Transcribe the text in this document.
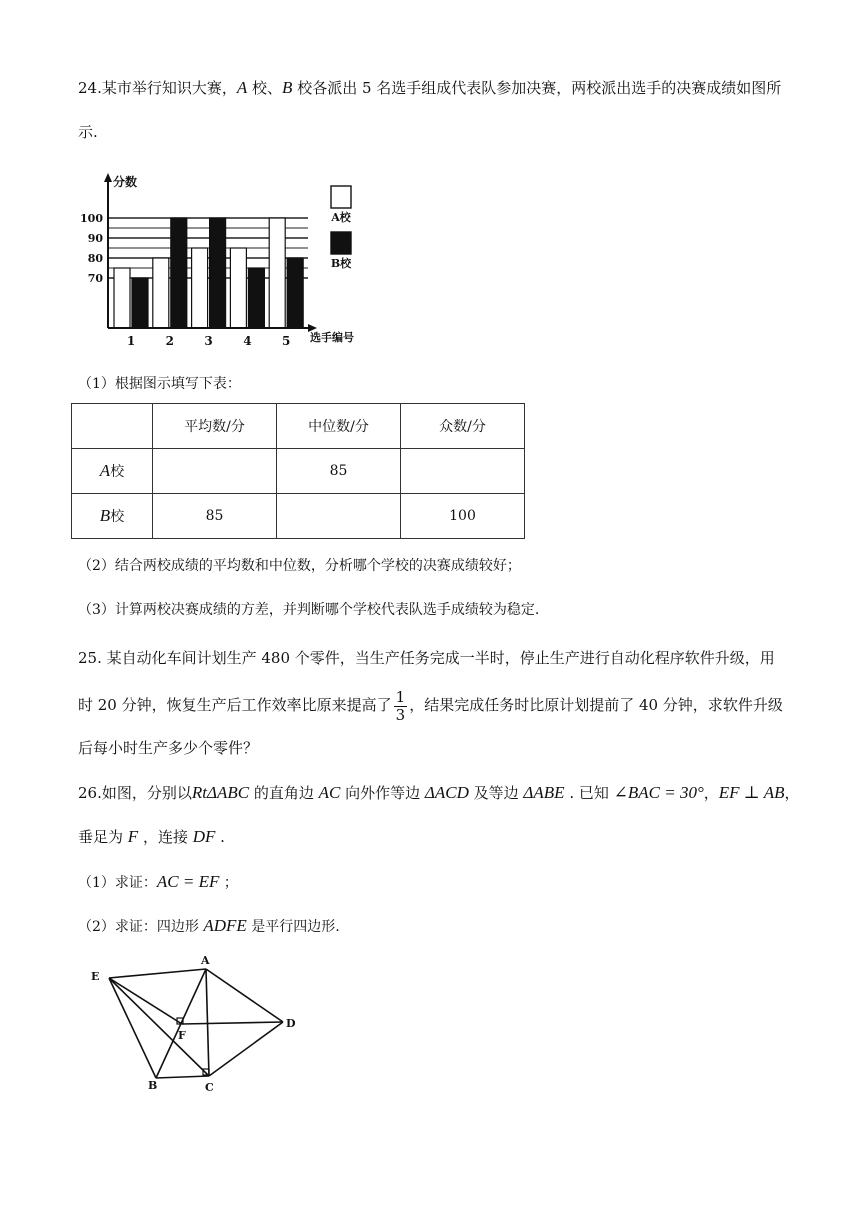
24.某市举行知识大赛，A 校、B 校各派出 5 名选手组成代表队参加决赛，两校派出选手的决赛成绩如图所
示.
70
80
90
100
1	2	3	4	5
分数
选手编号
A校
B校
（1）根据图示填写下表：
	平均数/分	中位数/分	众数/分
A校		85	
B校	85		100
（2）结合两校成绩的平均数和中位数，分析哪个学校的决赛成绩较好；
（3）计算两校决赛成绩的方差，并判断哪个学校代表队选手成绩较为稳定.
25. 某自动化车间计划生产 480 个零件，当生产任务完成一半时，停止生产进行自动化程序软件升级，用
时 20 分钟，恢复生产后工作效率比原来提高了 $\frac{1}{3}$ ，结果完成任务时比原计划提前了 40 分钟，求软件升级
后每小时生产多少个零件？
26.如图，分别以RtΔABC 的直角边 AC 向外作等边 ΔACD 及等边 ΔABE . 已知 ∠BAC = 30°，EF ⊥ AB，
垂足为 F ，连接 DF .
（1）求证：AC = EF ；
（2）求证：四边形 ADFE 是平行四边形.
E
A
F
D
B	C
